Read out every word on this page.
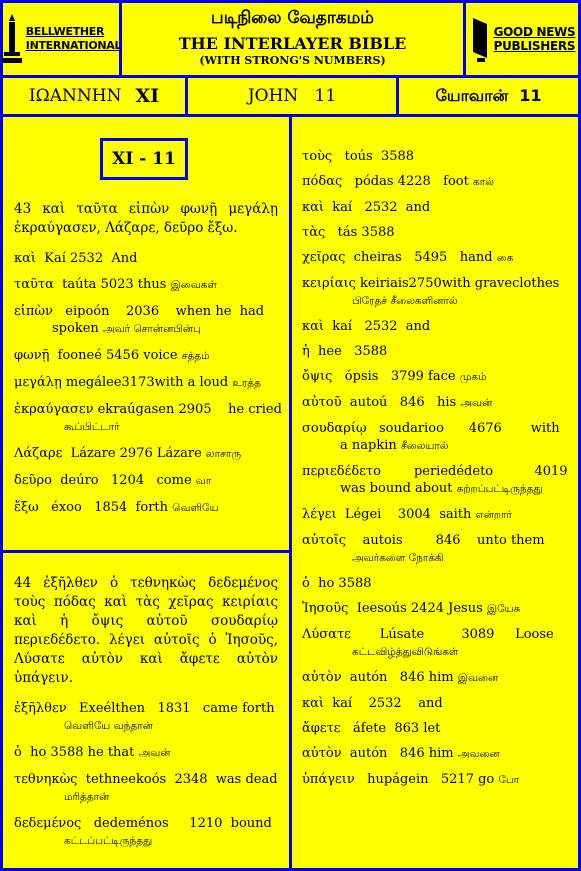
BELLWETHER
INTERNATIONAL
படிநிலை வேதாகமம்
THE INTERLAYER BIBLE
(WITH STRONG'S NUMBERS)
GOOD NEWS
PUBLISHERS
ΙΩΑΝΝΗΝ XI	JOHN   11	யோவான்  11
XI - 11
43 καὶ ταῦτα εἰπὼν φωνῇ μεγάλῃ ἐκραύγασεν, Λάζαρε, δεῦρο ἔξω.
καὶ  Kaí 2532  And
ταῦτα  taúta 5023 thus இவைகள்
εἰπὼν   eipoón    2036    when he  had
spoken அவர் சொன்னபின்பு
φωνῇ  fooneé 5456 voice சத்தம்
μεγάλῃ megálee3173with a loud உரத்த
ἐκραύγασεν ekraúgasen 2905    he cried
கூப்பிட்டார்
Λάζαρε  Lázare 2976 Lázare லாசாரு
δεῦρο  deúro   1204   come வா
ἔξω   éxoo   1854  forth வெளியே
44 ἐξῆλθεν ὁ τεθνηκὼς δεδεμένος τοὺς πόδας καὶ τὰς χεῖρας κειρίαις καὶ ἡ ὄψις αὐτοῦ σουδαρίῳ περιεδέδετο. λέγει αὐτοῖς ὁ Ἰησοῦς, Λύσατε αὐτὸν καὶ ἄφετε αὐτὸν ὑπάγειν.
ἐξῆλθεν   Exeélthen   1831   came forth
வெளியே வந்தான்
ὁ  ho 3588 he that அவன்
τεθνηκὼς  tethneekoós  2348  was dead
மரித்தான்
δεδεμένος   dedeménos     1210  bound
கட்டப்பட்டிருந்தது
τοὺς   toús  3588
πόδας   pódas 4228   foot கால்
καὶ  kaí   2532  and
τὰς   tás 3588
χεῖρας  cheiras   5495   hand கை
κειρίαις keiriais2750with graveclothes
பிரேதச் சீலைகளினால்
καὶ  kaí   2532  and
ἡ  hee   3588
ὄψις   ópsis   3799 face முகம்
αὐτοῦ  autoú   846   his அவன்
σουδαρίῳ   soudarioo      4676       with
a napkin சீலையால்
περιεδέδετο        periedédeto          4019
was bound about சுற்றப்பட்டிருந்தது
λέγει  Légei    3004  saith என்றார்
αὐτοῖς    autois        846    unto them
அவர்களை நோக்கி
ὁ  ho 3588
Ἰησοῦς  Ieesoús 2424 Jesus இயேசு
Λύσατε       Lúsate         3089     Loose
கட்டவிழ்த்துவிடுங்கள்
αὐτὸν  autón   846 him இவனை
καὶ  kaí    2532    and
ἄφετε   áfete  863 let
αὐτὸν  autón   846 him அவனை
ὑπάγειν   hupágein   5217 go போ
